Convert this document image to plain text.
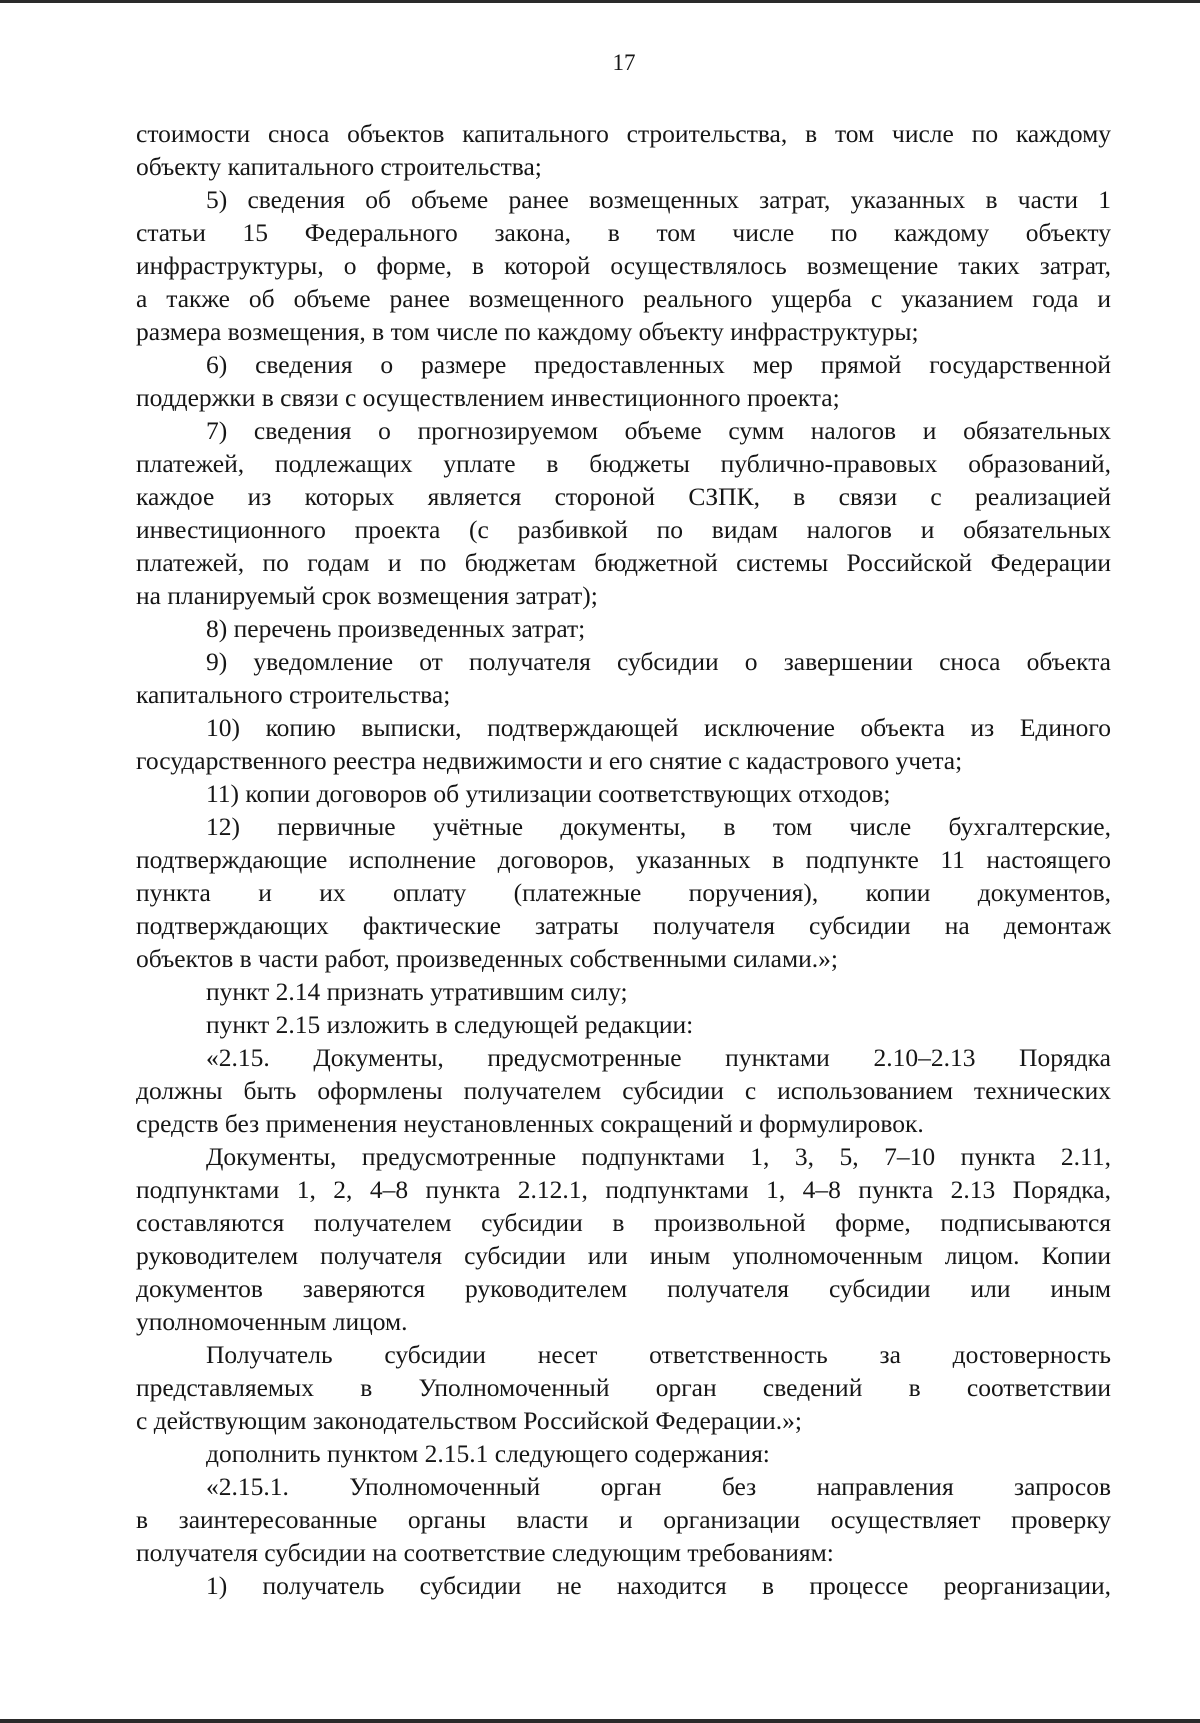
17
стоимости сноса объектов капитального строительства, в том числе по каждому
объекту капитального строительства;
5) сведения об объеме ранее возмещенных затрат, указанных в части 1
статьи 15 Федерального закона, в том числе по каждому объекту
инфраструктуры, о форме, в которой осуществлялось возмещение таких затрат,
а также об объеме ранее возмещенного реального ущерба с указанием года и
размера возмещения, в том числе по каждому объекту инфраструктуры;
6) сведения о размере предоставленных мер прямой государственной
поддержки в связи с осуществлением инвестиционного проекта;
7) сведения о прогнозируемом объеме сумм налогов и обязательных
платежей, подлежащих уплате в бюджеты публично-правовых образований,
каждое из которых является стороной СЗПК, в связи с реализацией
инвестиционного проекта (с разбивкой по видам налогов и обязательных
платежей, по годам и по бюджетам бюджетной системы Российской Федерации
на планируемый срок возмещения затрат);
8) перечень произведенных затрат;
9) уведомление от получателя субсидии о завершении сноса объекта
капитального строительства;
10) копию выписки, подтверждающей исключение объекта из Единого
государственного реестра недвижимости и его снятие с кадастрового учета;
11) копии договоров об утилизации соответствующих отходов;
12) первичные учётные документы, в том числе бухгалтерские,
подтверждающие исполнение договоров, указанных в подпункте 11 настоящего
пункта и их оплату (платежные поручения), копии документов,
подтверждающих фактические затраты получателя субсидии на демонтаж
объектов в части работ, произведенных собственными силами.»;
пункт 2.14 признать утратившим силу;
пункт 2.15 изложить в следующей редакции:
«2.15. Документы, предусмотренные пунктами 2.10–2.13 Порядка
должны быть оформлены получателем субсидии с использованием технических
средств без применения неустановленных сокращений и формулировок.
Документы, предусмотренные подпунктами 1, 3, 5, 7–10 пункта 2.11,
подпунктами 1, 2, 4–8 пункта 2.12.1, подпунктами 1, 4–8 пункта 2.13 Порядка,
составляются получателем субсидии в произвольной форме, подписываются
руководителем получателя субсидии или иным уполномоченным лицом. Копии
документов заверяются руководителем получателя субсидии или иным
уполномоченным лицом.
Получатель субсидии несет ответственность за достоверность
представляемых в Уполномоченный орган сведений в соответствии
с действующим законодательством Российской Федерации.»;
дополнить пунктом 2.15.1 следующего содержания:
«2.15.1. Уполномоченный орган без направления запросов
в заинтересованные органы власти и организации осуществляет проверку
получателя субсидии на соответствие следующим требованиям:
1) получатель субсидии не находится в процессе реорганизации,
